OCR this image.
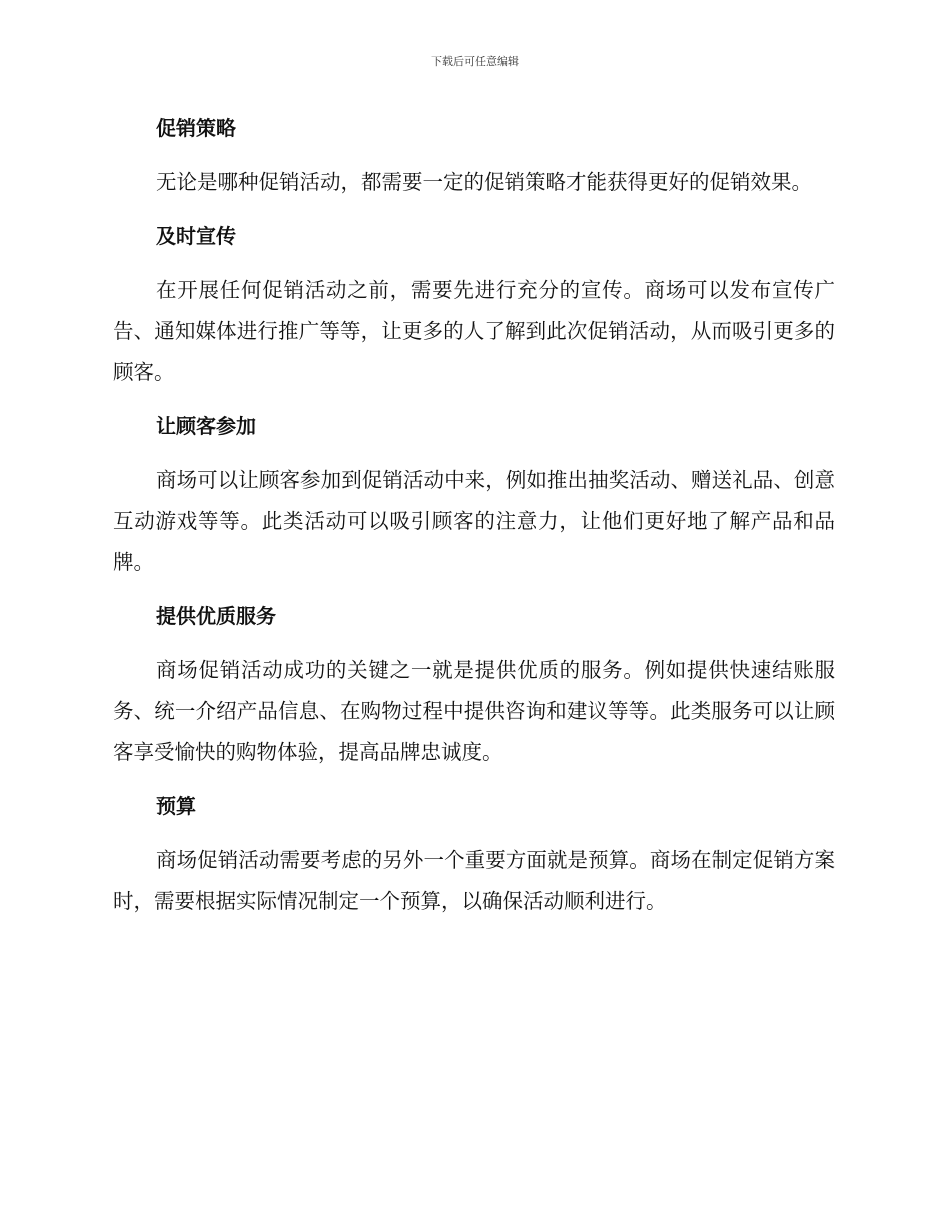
下载后可任意编辑
促销策略

无论是哪种促销活动，都需要一定的促销策略才能获得更好的促销效果。

及时宣传

在开展任何促销活动之前，需要先进行充分的宣传。商场可以发布宣传广告、通知媒体进行推广等等，让更多的人了解到此次促销活动，从而吸引更多的顾客。

让顾客参加

商场可以让顾客参加到促销活动中来，例如推出抽奖活动、赠送礼品、创意互动游戏等等。此类活动可以吸引顾客的注意力，让他们更好地了解产品和品牌。

提供优质服务

商场促销活动成功的关键之一就是提供优质的服务。例如提供快速结账服务、统一介绍产品信息、在购物过程中提供咨询和建议等等。此类服务可以让顾客享受愉快的购物体验，提高品牌忠诚度。

预算

商场促销活动需要考虑的另外一个重要方面就是预算。商场在制定促销方案时，需要根据实际情况制定一个预算，以确保活动顺利进行。
